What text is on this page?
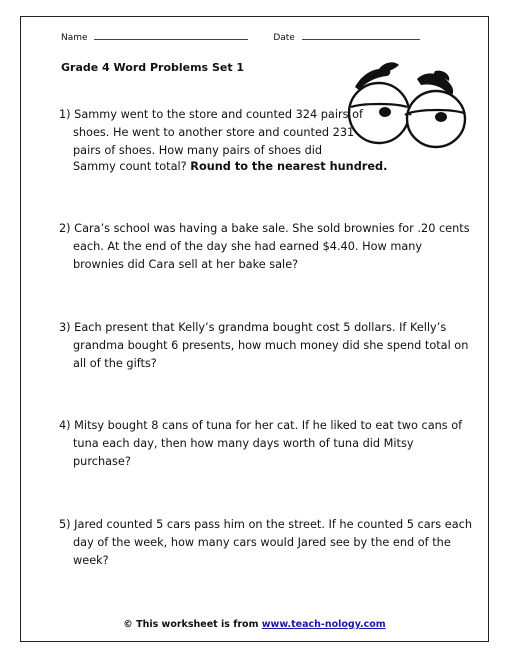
Name	Date
Grade 4 Word Problems Set 1
1) Sammy went to the store and counted 324 pairs of shoes. He went to another store and counted 231 pairs of shoes. How many pairs of shoes did
Sammy count total? Round to the nearest hundred.
2) Cara’s school was having a bake sale. She sold brownies for .20 cents each. At the end of the day she had earned $4.40. How many brownies did Cara sell at her bake sale?
3) Each present that Kelly’s grandma bought cost 5 dollars. If Kelly’s grandma bought 6 presents, how much money did she spend total on all of the gifts?
4) Mitsy bought 8 cans of tuna for her cat. If he liked to eat two cans of tuna each day, then how many days worth of tuna did Mitsy purchase?
5) Jared counted 5 cars pass him on the street. If he counted 5 cars each day of the week, how many cars would Jared see by the end of the week?
© This worksheet is from www.teach-nology.com
